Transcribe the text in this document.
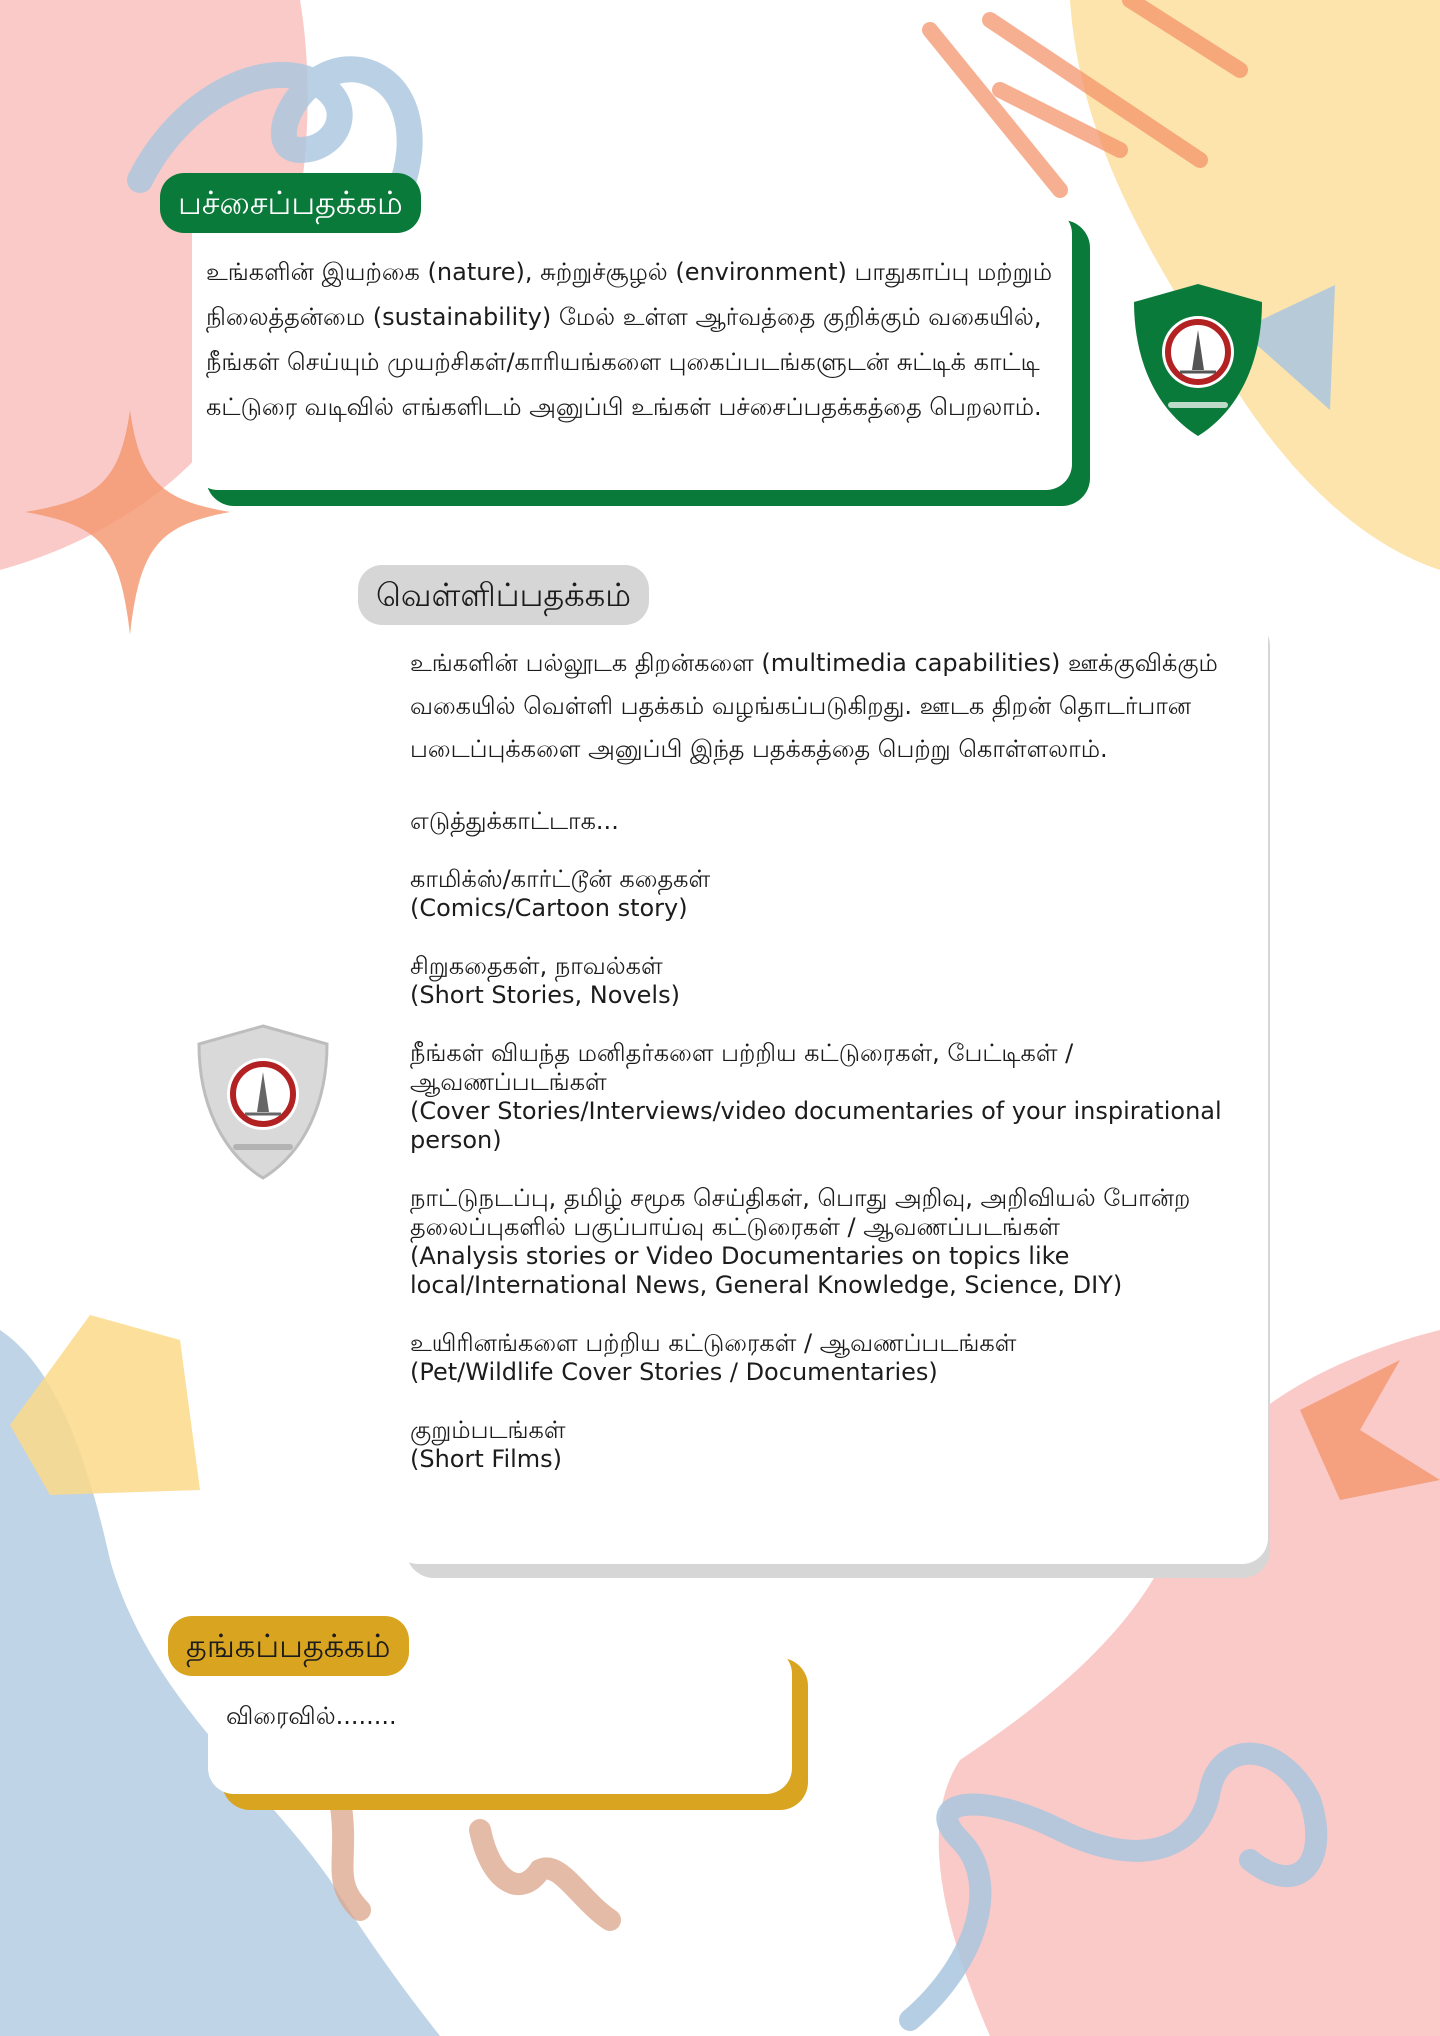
உங்களின் இயற்கை (nature), சுற்றுச்சூழல் (environment) பாதுகாப்பு மற்றும் நிலைத்தன்மை (sustainability) மேல் உள்ள ஆர்வத்தை குறிக்கும் வகையில், நீங்கள் செய்யும் முயற்சிகள்/காரியங்களை புகைப்படங்களுடன் சுட்டிக் காட்டி கட்டுரை வடிவில் எங்களிடம் அனுப்பி உங்கள் பச்சைப்பதக்கத்தை பெறலாம்.
பச்சைப்பதக்கம்
உங்களின் பல்லூடக திறன்களை (multimedia capabilities) ஊக்குவிக்கும் வகையில் வெள்ளி பதக்கம் வழங்கப்படுகிறது. ஊடக திறன் தொடர்பான படைப்புக்களை அனுப்பி இந்த பதக்கத்தை பெற்று கொள்ளலாம்.
எடுத்துக்காட்டாக...
காமிக்ஸ்/கார்ட்டூன் கதைகள்
(Comics/Cartoon story)
சிறுகதைகள், நாவல்கள்
(Short Stories, Novels)
நீங்கள் வியந்த மனிதர்களை பற்றிய கட்டுரைகள், பேட்டிகள் / ஆவணப்படங்கள்
(Cover Stories/Interviews/video documentaries of your inspirational person)
நாட்டுநடப்பு, தமிழ் சமூக செய்திகள், பொது அறிவு, அறிவியல் போன்ற தலைப்புகளில் பகுப்பாய்வு கட்டுரைகள் / ஆவணப்படங்கள்
(Analysis stories or Video Documentaries on topics like local/International News, General Knowledge, Science, DIY)
உயிரினங்களை பற்றிய கட்டுரைகள் / ஆவணப்படங்கள்
(Pet/Wildlife Cover Stories / Documentaries)
குறும்படங்கள்
(Short Films)
வெள்ளிப்பதக்கம்
விரைவில்........
தங்கப்பதக்கம்
